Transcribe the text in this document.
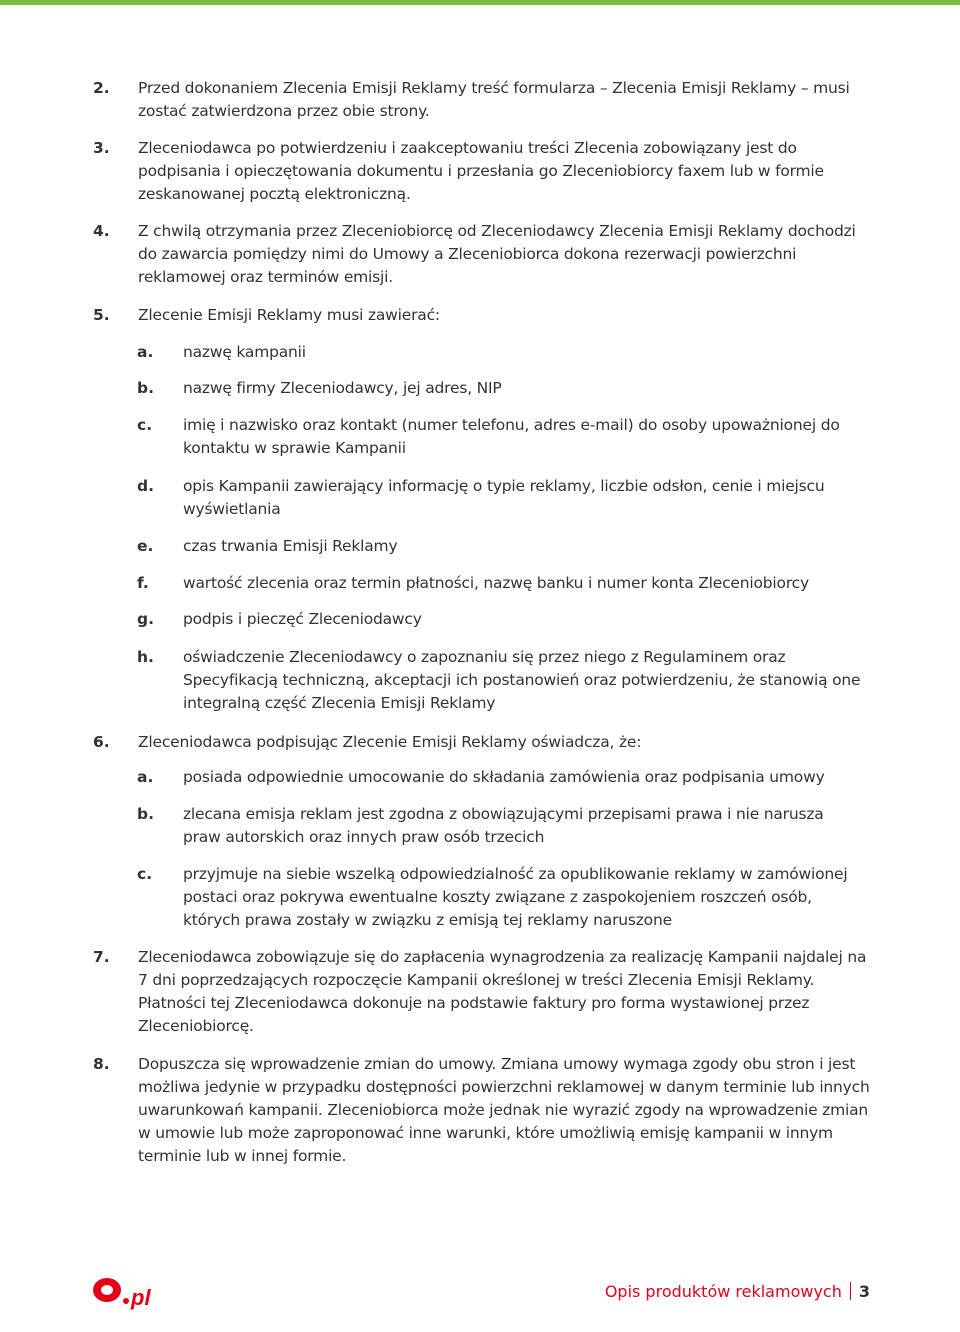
2. Przed dokonaniem Zlecenia Emisji Reklamy treść formularza – Zlecenia Emisji Reklamy – musi zostać zatwierdzona przez obie strony.
3. Zleceniodawca po potwierdzeniu i zaakceptowaniu treści Zlecenia zobowiązany jest do podpisania i opieczętowania dokumentu i przesłania go Zleceniobiorcy faxem lub w formie zeskanowanej pocztą elektroniczną.
4. Z chwilą otrzymania przez Zleceniobiorcę od Zleceniodawcy Zlecenia Emisji Reklamy dochodzi do zawarcia pomiędzy nimi do Umowy a Zleceniobiorca dokona rezerwacji powierzchni reklamowej oraz terminów emisji.
5. Zlecenie Emisji Reklamy musi zawierać:
a. nazwę kampanii
b. nazwę firmy Zleceniodawcy, jej adres, NIP
c. imię i nazwisko oraz kontakt (numer telefonu, adres e-mail) do osoby upoważnionej do kontaktu w sprawie Kampanii
d. opis Kampanii zawierający informację o typie reklamy, liczbie odsłon, cenie i miejscu wyświetlania
e. czas trwania Emisji Reklamy
f. wartość zlecenia oraz termin płatności, nazwę banku i numer konta Zleceniobiorcy
g. podpis i pieczęć Zleceniodawcy
h. oświadczenie Zleceniodawcy o zapoznaniu się przez niego z Regulaminem oraz Specyfikacją techniczną, akceptacji ich postanowień oraz potwierdzeniu, że stanowią one integralną część Zlecenia Emisji Reklamy
6. Zleceniodawca podpisując Zlecenie Emisji Reklamy oświadcza, że:
a. posiada odpowiednie umocowanie do składania zamówienia oraz podpisania umowy
b. zlecana emisja reklam jest zgodna z obowiązującymi przepisami prawa i nie narusza praw autorskich oraz innych praw osób trzecich
c. przyjmuje na siebie wszelką odpowiedzialność za opublikowanie reklamy w zamówionej postaci oraz pokrywa ewentualne koszty związane z zaspokojeniem roszczeń osób, których prawa zostały w związku z emisją tej reklamy naruszone
7. Zleceniodawca zobowiązuje się do zapłacenia wynagrodzenia za realizację Kampanii najdalej na 7 dni poprzedzających rozpoczęcie Kampanii określonej w treści Zlecenia Emisji Reklamy. Płatności tej Zleceniodawca dokonuje na podstawie faktury pro forma wystawionej przez Zleceniobiorcę.
8. Dopuszcza się wprowadzenie zmian do umowy. Zmiana umowy wymaga zgody obu stron i jest możliwa jedynie w przypadku dostępności powierzchni reklamowej w danym terminie lub innych uwarunkowań kampanii. Zleceniobiorca może jednak nie wyrazić zgody na wprowadzenie zmian w umowie lub może zaproponować inne warunki, które umożliwią emisję kampanii w innym terminie lub w innej formie.
pl	Opis produktów reklamowych 3
